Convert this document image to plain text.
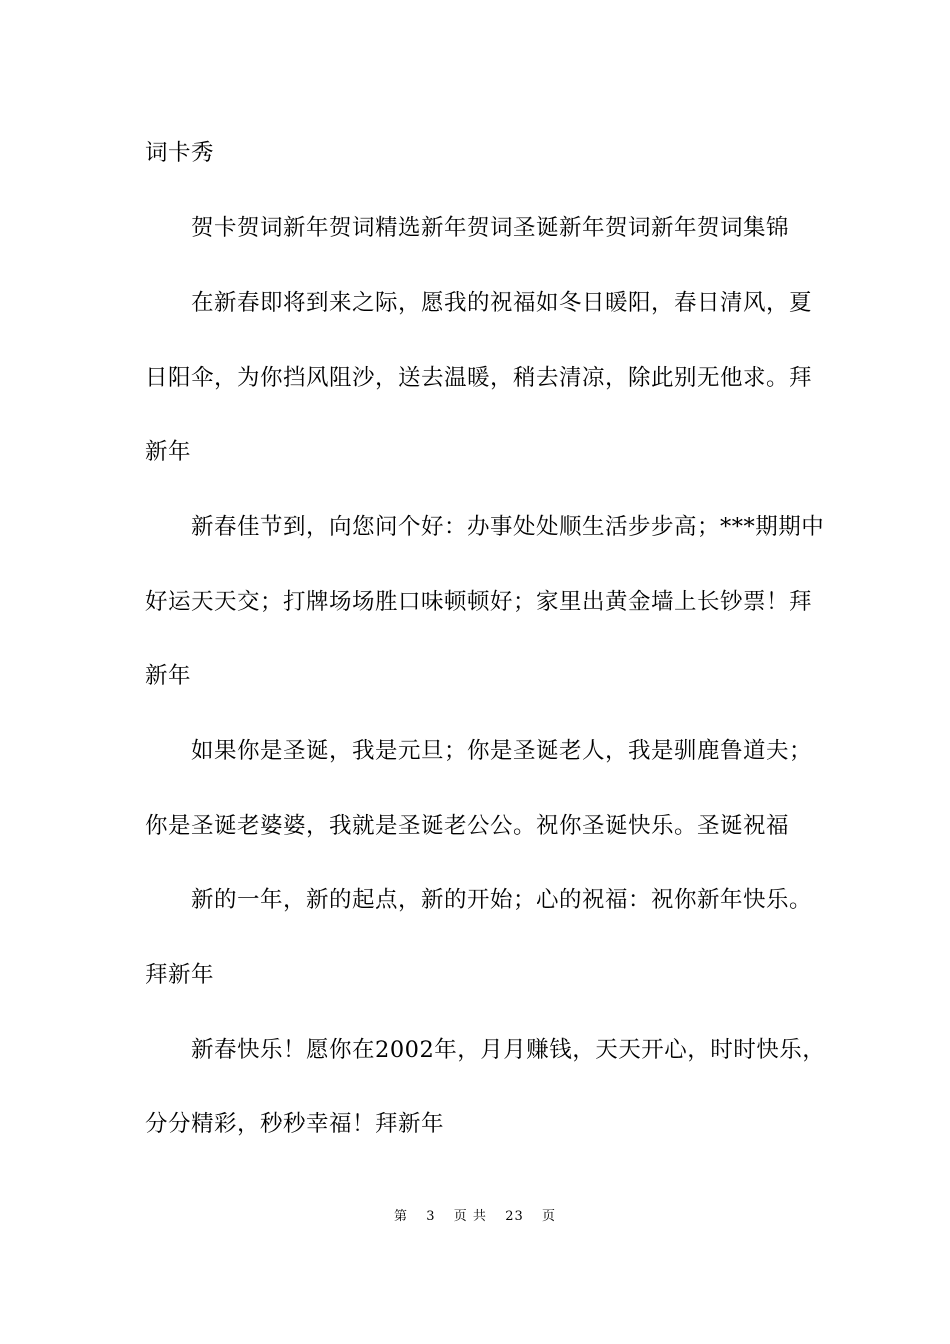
词卡秀
贺卡贺词新年贺词精选新年贺词圣诞新年贺词新年贺词集锦
在新春即将到来之际，愿我的祝福如冬日暖阳，春日清风，夏
日阳伞，为你挡风阻沙，送去温暖，稍去清凉，除此别无他求。拜
新年
新春佳节到，向您问个好：办事处处顺生活步步高；***期期中
好运天天交；打牌场场胜口味顿顿好；家里出黄金墙上长钞票！拜
新年
如果你是圣诞，我是元旦；你是圣诞老人，我是驯鹿鲁道夫；
你是圣诞老婆婆，我就是圣诞老公公。祝你圣诞快乐。圣诞祝福
新的一年，新的起点，新的开始；心的祝福：祝你新年快乐。
拜新年
新春快乐！愿你在2002年，月月赚钱，天天开心，时时快乐，
分分精彩，秒秒幸福！拜新年
第 3 页 共 23 页
